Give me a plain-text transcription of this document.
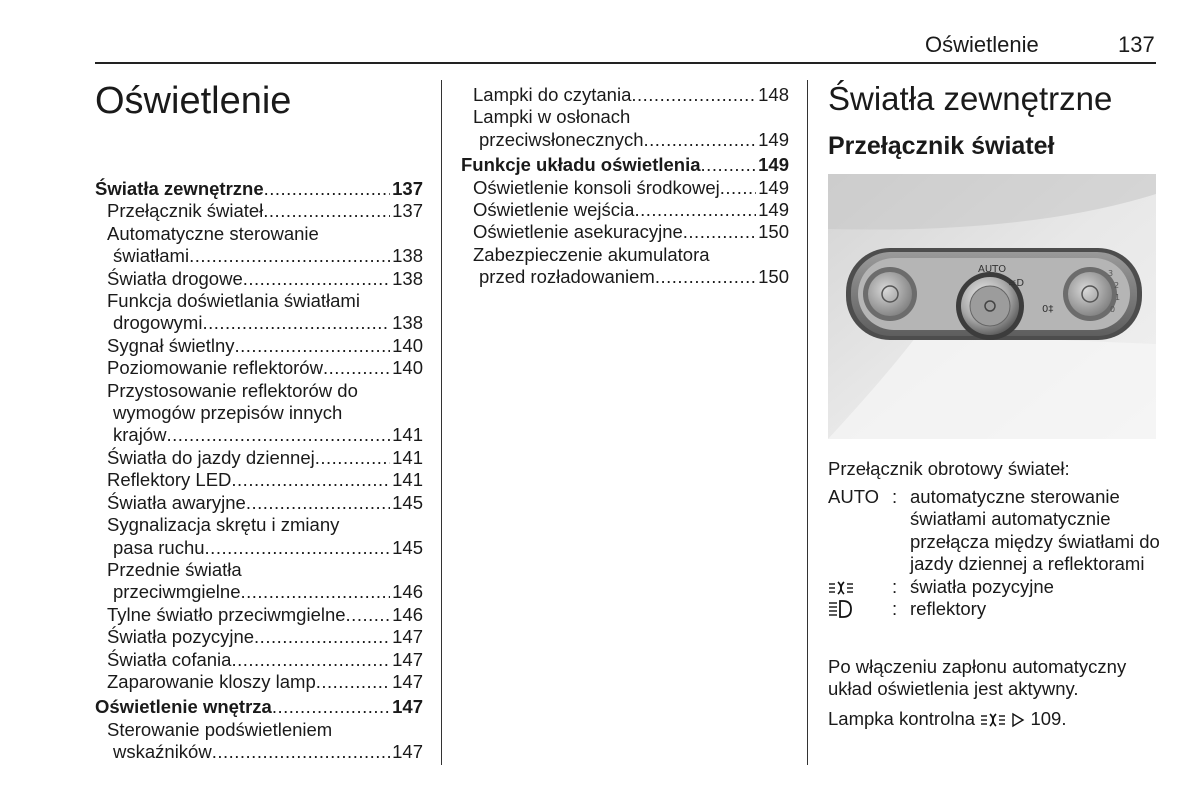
Oświetlenie	137
Oświetlenie
Światła zewnętrzne .....	137
Przełącznik świateł .....	137
Automatyczne sterowanie
światłami .....	138
Światła drogowe .....	138
Funkcja doświetlania światłami
drogowymi .....	138
Sygnał świetlny .....	140
Poziomowanie reflektorów .....	140
Przystosowanie reflektorów do
wymogów przepisów innych
krajów .....	141
Światła do jazdy dziennej .....	141
Reflektory LED .....	141
Światła awaryjne .....	145
Sygnalizacja skrętu i zmiany
pasa ruchu .....	145
Przednie światła
przeciwmgielne .....	146
Tylne światło przeciwmgielne .....	146
Światła pozycyjne .....	147
Światła cofania .....	147
Zaparowanie kloszy lamp .....	147
Oświetlenie wnętrza .....	147
Sterowanie podświetleniem
wskaźników .....	147
Lampki do czytania .....	148
Lampki w osłonach
przeciwsłonecznych .....	149
Funkcje układu oświetlenia .....	149
Oświetlenie konsoli środkowej ..... 149
Oświetlenie wejścia .....	149
Oświetlenie asekuracyjne .....	150
Zabezpieczenie akumulatora
przed rozładowaniem .....	150
Światła zewnętrzne
Przełącznik świateł
3
2
1
0
AUTO
≋D
0‡
Przełącznik obrotowy świateł:
AUTO : automatyczne sterowanie światłami automatycznie przełącza między światłami do jazdy dziennej a reflektorami
: światła pozycyjne
: reflektory
Po włączeniu zapłonu automatyczny układ oświetlenia jest aktywny.
Lampka kontrolna	109.
